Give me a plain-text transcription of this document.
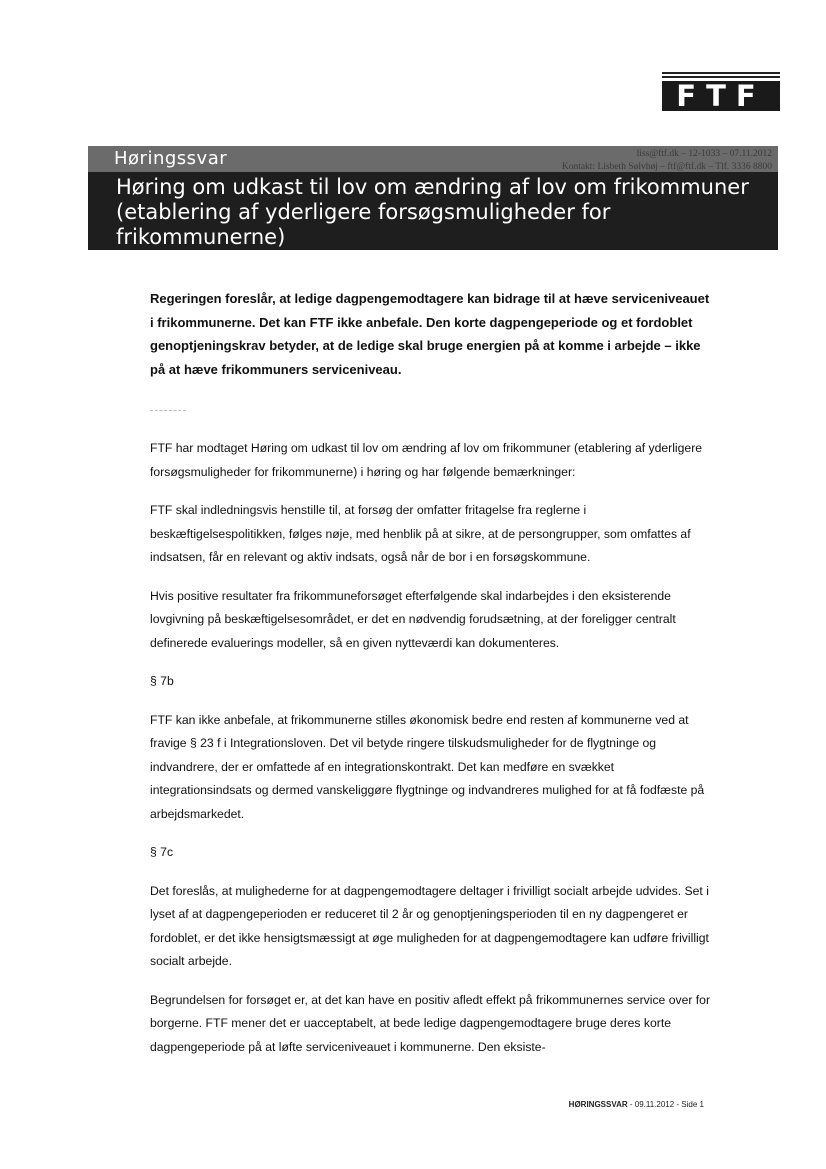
FTF
Høringssvar	liss@ftf.dk – 12-1033 – 07.11.2012
Kontakt: Lisbeth Sølvhøj – ftf@ftf.dk – Tlf. 3336 8800
Høring om udkast til lov om ændring af lov om frikommuner (etablering af yderligere forsøgsmuligheder for frikommunerne)
Regeringen foreslår, at ledige dagpengemodtagere kan bidrage til at hæve serviceniveauet i frikommunerne. Det kan FTF ikke anbefale. Den korte dagpengeperiode og et fordoblet genoptjeningskrav betyder, at de ledige skal bruge energien på at komme i arbejde – ikke på at hæve frikommuners serviceniveau.

FTF har modtaget Høring om udkast til lov om ændring af lov om frikommuner (etablering af yderligere forsøgsmuligheder for frikommunerne) i høring og har følgende bemærkninger:

FTF skal indledningsvis henstille til, at forsøg der omfatter fritagelse fra reglerne i beskæftigelsespolitikken, følges nøje, med henblik på at sikre, at de persongrupper, som omfattes af indsatsen, får en relevant og aktiv indsats, også når de bor i en forsøgskommune.

Hvis positive resultater fra frikommuneforsøget efterfølgende skal indarbejdes i den eksisterende lovgivning på beskæftigelsesområdet, er det en nødvendig forudsætning, at der foreligger centralt definerede evaluerings modeller, så en given nytteværdi kan dokumenteres.

§ 7b

FTF kan ikke anbefale, at frikommunerne stilles økonomisk bedre end resten af kommunerne ved at fravige § 23 f i Integrationsloven. Det vil betyde ringere tilskudsmuligheder for de flygtninge og indvandrere, der er omfattede af en integrationskontrakt. Det kan medføre en svækket integrationsindsats og dermed vanskeliggøre flygtninge og indvandreres mulighed for at få fodfæste på arbejdsmarkedet.

§ 7c

Det foreslås, at mulighederne for at dagpengemodtagere deltager i frivilligt socialt arbejde udvides. Set i lyset af at dagpengeperioden er reduceret til 2 år og genoptjeningsperioden til en ny dagpengeret er fordoblet, er det ikke hensigtsmæssigt at øge muligheden for at dagpengemodtagere kan udføre frivilligt socialt arbejde.

Begrundelsen for forsøget er, at det kan have en positiv afledt effekt på frikommunernes service over for borgerne. FTF mener det er uacceptabelt, at bede ledige dagpengemodtagere bruge deres korte dagpengeperiode på at løfte serviceniveauet i kommunerne. Den eksiste-

HØRINGSSVAR - 09.11.2012 - Side 1
